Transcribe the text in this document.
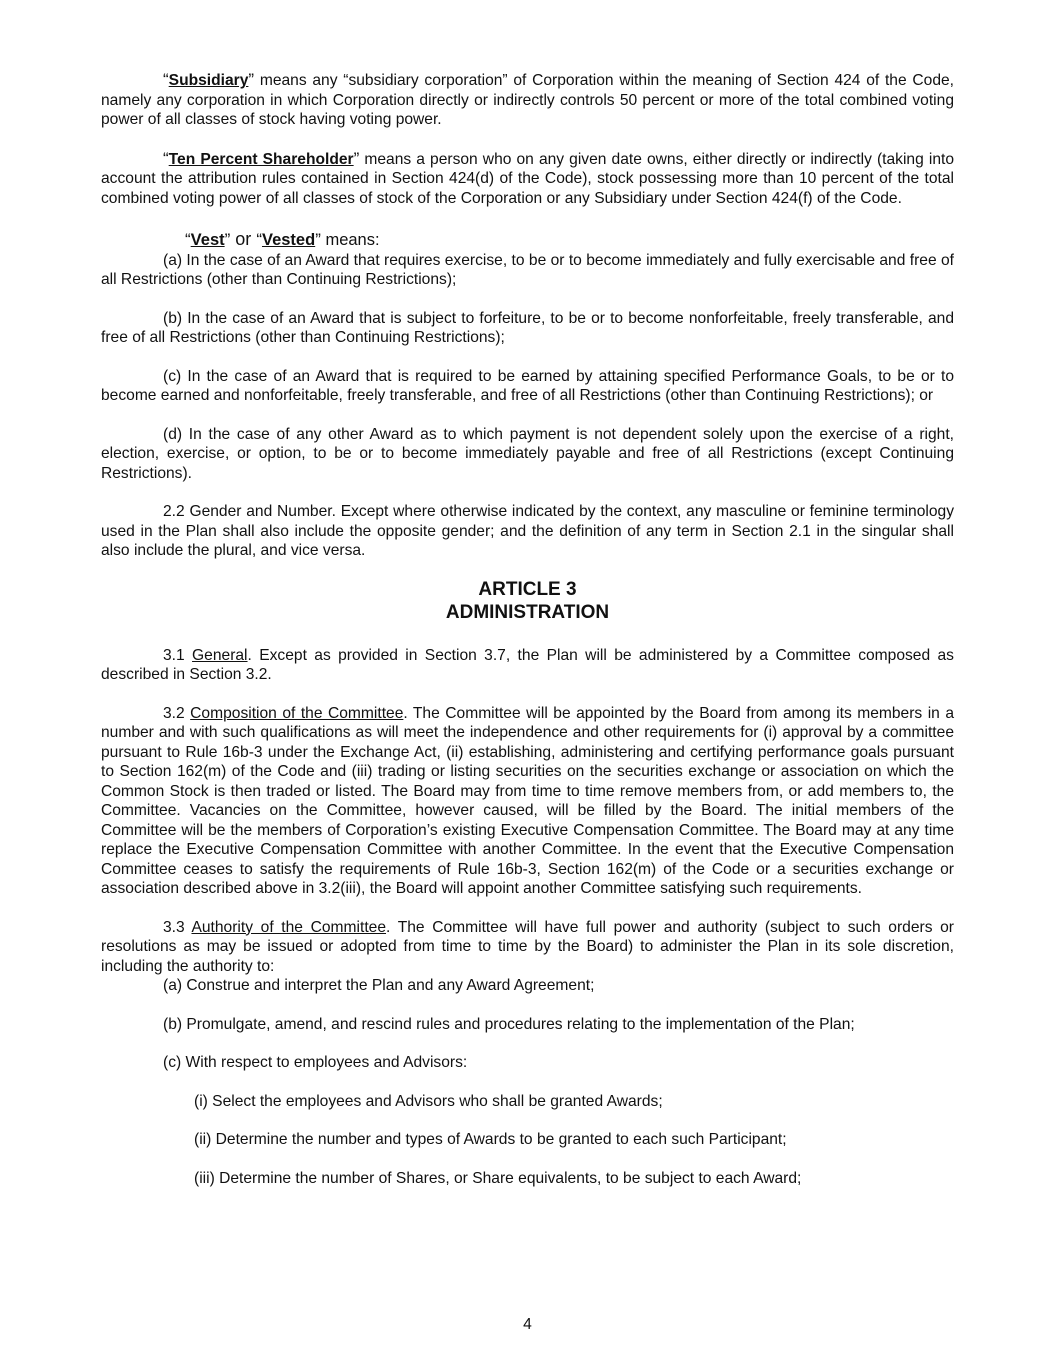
“Subsidiary” means any “subsidiary corporation” of Corporation within the meaning of Section 424 of the Code, namely any corporation in which Corporation directly or indirectly controls 50 percent or more of the total combined voting power of all classes of stock having voting power.

“Ten Percent Shareholder” means a person who on any given date owns, either directly or indirectly (taking into account the attribution rules contained in Section 424(d) of the Code), stock possessing more than 10 percent of the total combined voting power of all classes of stock of the Corporation or any Subsidiary under Section 424(f) of the Code.

“Vest” or “Vested” means:

(a) In the case of an Award that requires exercise, to be or to become immediately and fully exercisable and free of all Restrictions (other than Continuing Restrictions);

(b) In the case of an Award that is subject to forfeiture, to be or to become nonforfeitable, freely transferable, and free of all Restrictions (other than Continuing Restrictions);

(c) In the case of an Award that is required to be earned by attaining specified Performance Goals, to be or to become earned and nonforfeitable, freely transferable, and free of all Restrictions (other than Continuing Restrictions); or

(d) In the case of any other Award as to which payment is not dependent solely upon the exercise of a right, election, exercise, or option, to be or to become immediately payable and free of all Restrictions (except Continuing Restrictions).

2.2 Gender and Number. Except where otherwise indicated by the context, any masculine or feminine terminology used in the Plan shall also include the opposite gender; and the definition of any term in Section 2.1 in the singular shall also include the plural, and vice versa.

ARTICLE 3
ADMINISTRATION

3.1 General. Except as provided in Section 3.7, the Plan will be administered by a Committee composed as described in Section 3.2.

3.2 Composition of the Committee. The Committee will be appointed by the Board from among its members in a number and with such qualifications as will meet the independence and other requirements for (i) approval by a committee pursuant to Rule 16b-3 under the Exchange Act, (ii) establishing, administering and certifying performance goals pursuant to Section 162(m) of the Code and (iii) trading or listing securities on the securities exchange or association on which the Common Stock is then traded or listed. The Board may from time to time remove members from, or add members to, the Committee. Vacancies on the Committee, however caused, will be filled by the Board. The initial members of the Committee will be the members of Corporation’s existing Executive Compensation Committee. The Board may at any time replace the Executive Compensation Committee with another Committee. In the event that the Executive Compensation Committee ceases to satisfy the requirements of Rule 16b-3, Section 162(m) of the Code or a securities exchange or association described above in 3.2(iii), the Board will appoint another Committee satisfying such requirements.

3.3 Authority of the Committee. The Committee will have full power and authority (subject to such orders or resolutions as may be issued or adopted from time to time by the Board) to administer the Plan in its sole discretion, including the authority to:

(a) Construe and interpret the Plan and any Award Agreement;

(b) Promulgate, amend, and rescind rules and procedures relating to the implementation of the Plan;

(c) With respect to employees and Advisors:

(i) Select the employees and Advisors who shall be granted Awards;

(ii) Determine the number and types of Awards to be granted to each such Participant;

(iii) Determine the number of Shares, or Share equivalents, to be subject to each Award;

4
